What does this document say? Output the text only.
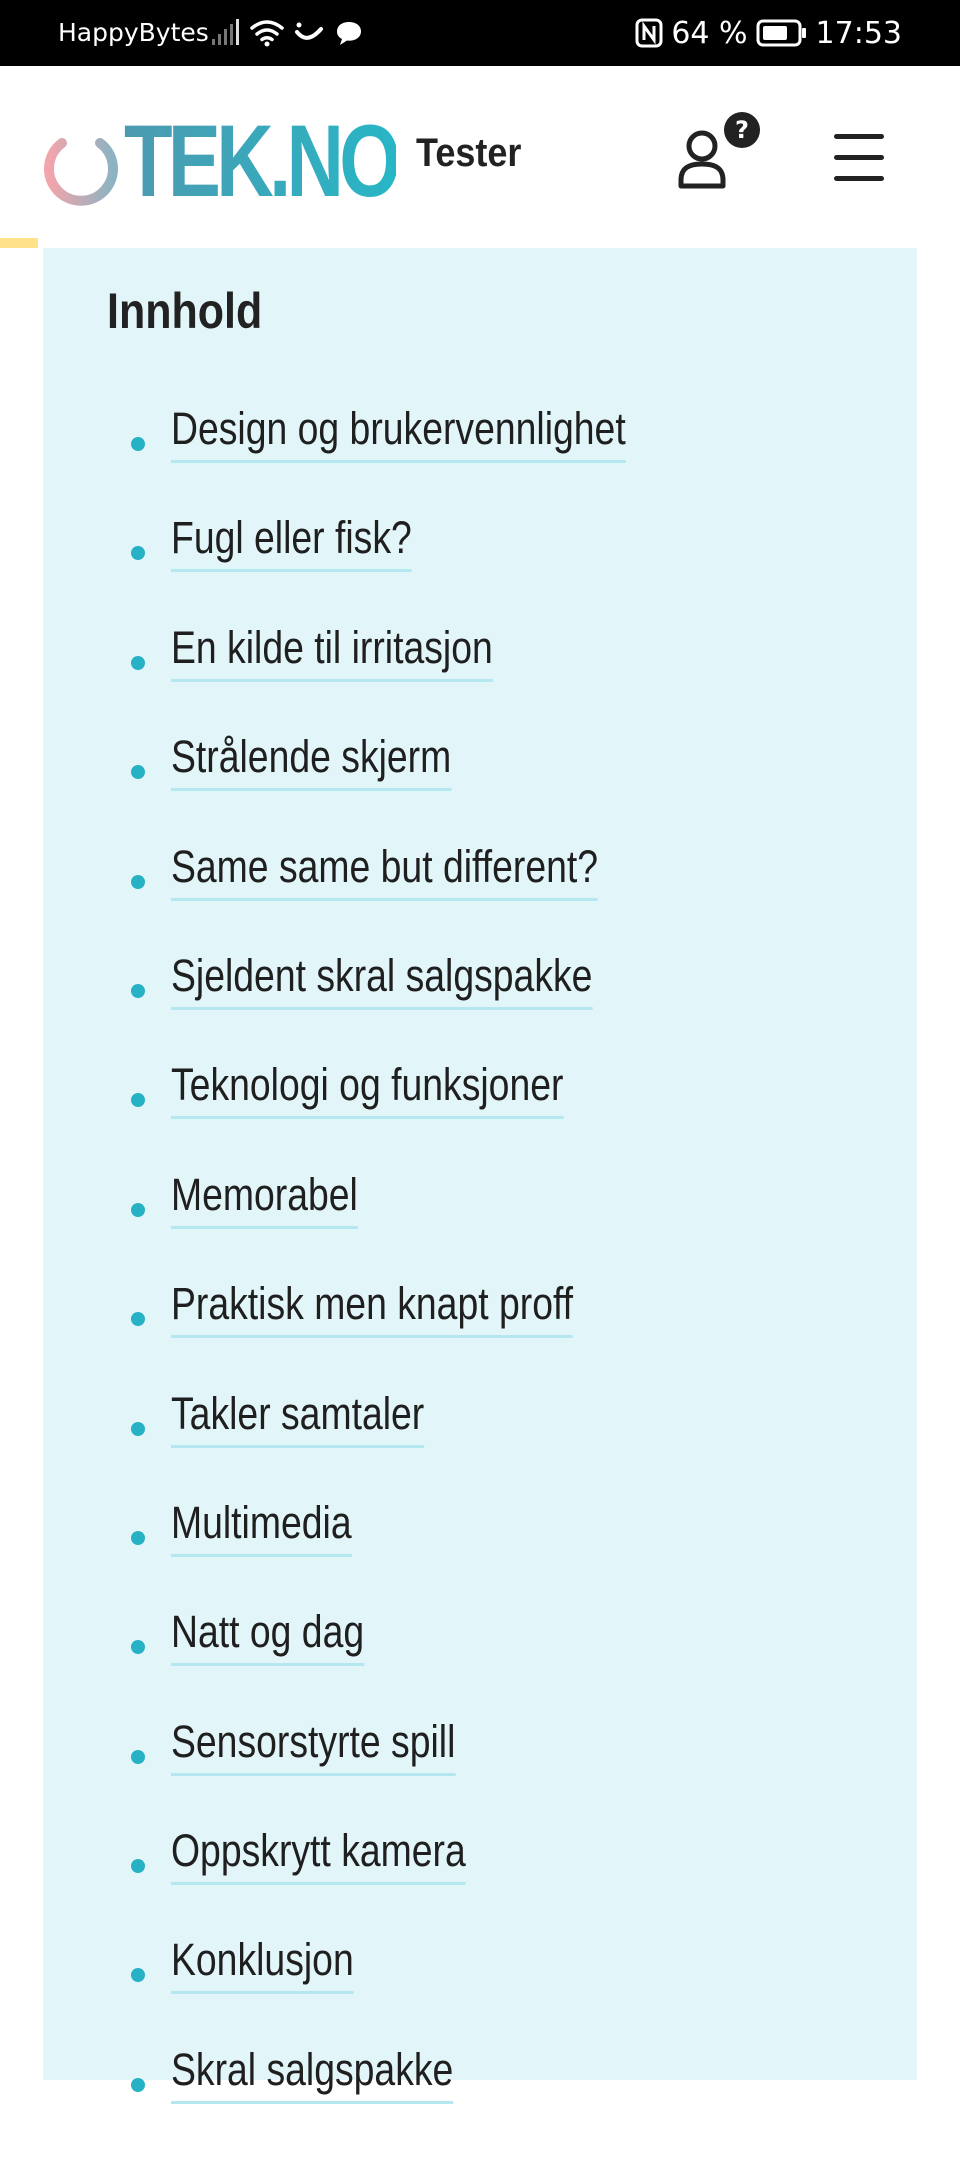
HappyBytes	64 % 17:53
TEK.NO Tester
?
Innhold
Design og brukervennlighet
Fugl eller fisk?
En kilde til irritasjon
Strålende skjerm
Same same but different?
Sjeldent skral salgspakke
Teknologi og funksjoner
Memorabel
Praktisk men knapt proff
Takler samtaler
Multimedia
Natt og dag
Sensorstyrte spill
Oppskrytt kamera
Konklusjon
Skral salgspakke
